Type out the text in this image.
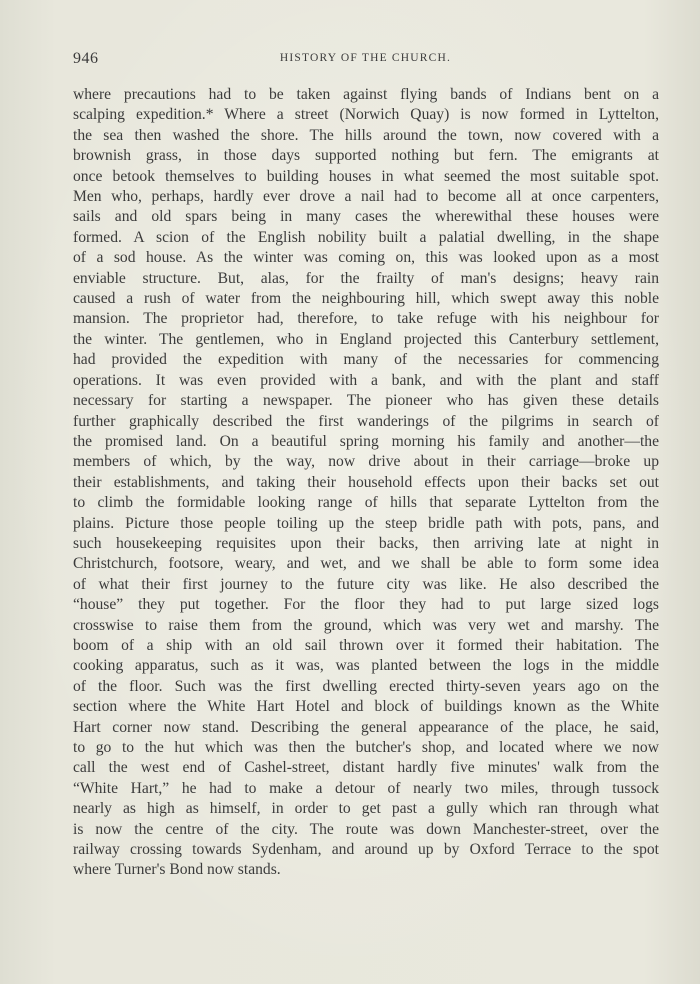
946	HISTORY OF THE CHURCH.
where precautions had to be taken against flying bands of Indians bent on a
scalping expedition.* Where a street (Norwich Quay) is now formed in Lyttelton,
the sea then washed the shore. The hills around the town, now covered with a
brownish grass, in those days supported nothing but fern. The emigrants at
once betook themselves to building houses in what seemed the most suitable spot.
Men who, perhaps, hardly ever drove a nail had to become all at once carpenters,
sails and old spars being in many cases the wherewithal these houses were
formed. A scion of the English nobility built a palatial dwelling, in the shape
of a sod house. As the winter was coming on, this was looked upon as a most
enviable structure. But, alas, for the frailty of man's designs; heavy rain
caused a rush of water from the neighbouring hill, which swept away this noble
mansion. The proprietor had, therefore, to take refuge with his neighbour for
the winter. The gentlemen, who in England projected this Canterbury settlement,
had provided the expedition with many of the necessaries for commencing
operations. It was even provided with a bank, and with the plant and staff
necessary for starting a newspaper. The pioneer who has given these details
further graphically described the first wanderings of the pilgrims in search of
the promised land. On a beautiful spring morning his family and another—the
members of which, by the way, now drive about in their carriage—broke up
their establishments, and taking their household effects upon their backs set out
to climb the formidable looking range of hills that separate Lyttelton from the
plains. Picture those people toiling up the steep bridle path with pots, pans, and
such housekeeping requisites upon their backs, then arriving late at night in
Christchurch, footsore, weary, and wet, and we shall be able to form some idea
of what their first journey to the future city was like. He also described the
“house” they put together. For the floor they had to put large sized logs
crosswise to raise them from the ground, which was very wet and marshy. The
boom of a ship with an old sail thrown over it formed their habitation. The
cooking apparatus, such as it was, was planted between the logs in the middle
of the floor. Such was the first dwelling erected thirty-seven years ago on the
section where the White Hart Hotel and block of buildings known as the White
Hart corner now stand. Describing the general appearance of the place, he said,
to go to the hut which was then the butcher's shop, and located where we now
call the west end of Cashel-street, distant hardly five minutes' walk from the
“White Hart,” he had to make a detour of nearly two miles, through tussock
nearly as high as himself, in order to get past a gully which ran through what
is now the centre of the city. The route was down Manchester-street, over the
railway crossing towards Sydenham, and around up by Oxford Terrace to the spot
where Turner's Bond now stands.
